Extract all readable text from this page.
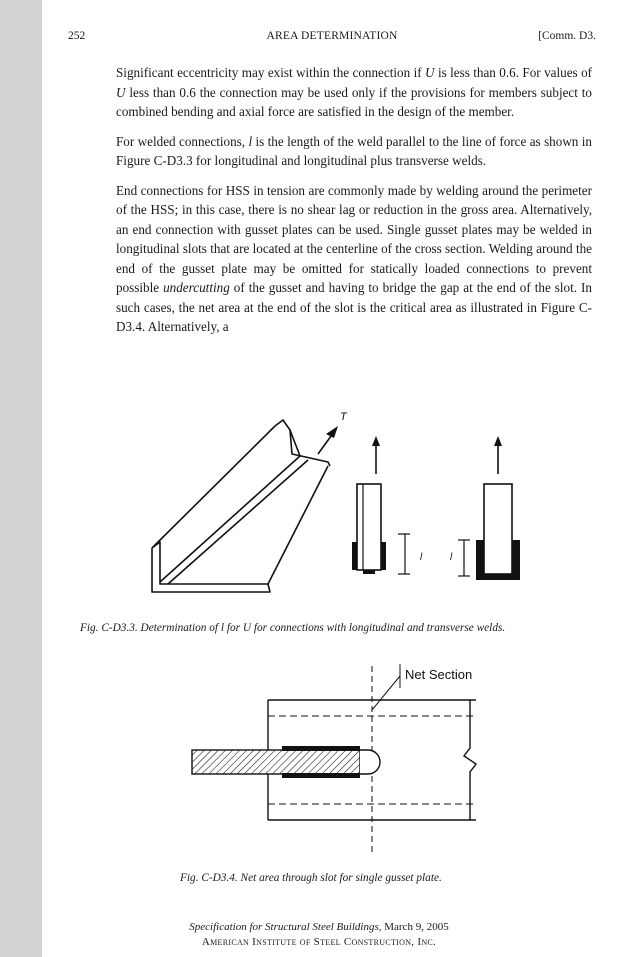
252	AREA DETERMINATION	[Comm. D3.

Significant eccentricity may exist within the connection if U is less than 0.6. For values of U less than 0.6 the connection may be used only if the provisions for members subject to combined bending and axial force are satisfied in the design of the member.

For welded connections, l is the length of the weld parallel to the line of force as shown in Figure C-D3.3 for longitudinal and longitudinal plus transverse welds.

End connections for HSS in tension are commonly made by welding around the perimeter of the HSS; in this case, there is no shear lag or reduction in the gross area. Alternatively, an end connection with gusset plates can be used. Single gusset plates may be welded in longitudinal slots that are located at the centerline of the cross section. Welding around the end of the gusset plate may be omitted for statically loaded connections to prevent possible undercutting of the gusset and having to bridge the gap at the end of the slot. In such cases, the net area at the end of the slot is the critical area as illustrated in Figure C-D3.4. Alternatively, a

T
l	l
Fig. C-D3.3. Determination of l for U for connections with longitudinal and transverse welds.
Net Section
Fig. C-D3.4. Net area through slot for single gusset plate.
Specification for Structural Steel Buildings, March 9, 2005
American Institute of Steel Construction, Inc.
